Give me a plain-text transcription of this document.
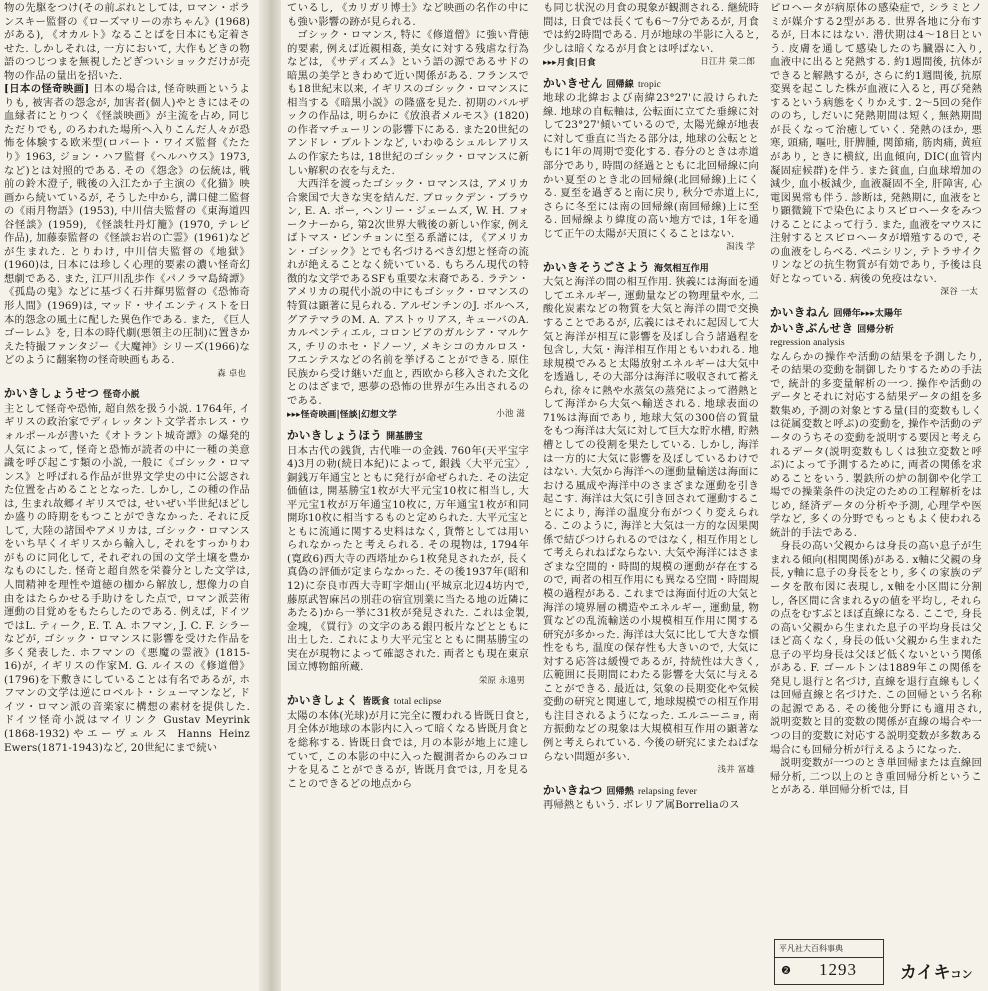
物の先駆をつけ(その前ぶれとしては, ロマン・ポランスキー監督の《ローズマリーの赤ちゃん》(1968)がある), 《オカルト》なることばを日本にも定着させた. しかしそれは, 一方において, 大作もどきの物語のつじつまを無視したどぎついショックだけが売物の作品の量出を招いた.

[日本の怪奇映画] 日本の場合は, 怪奇映画というよりも, 被害者の怨念が, 加害者(個人)やときにはその血縁者にとりつく《怪談映画》が主流を占め, 同じただりでも, のろわれた場所へ入りこんだ人々が恐怖を体験する欧米型(ロバート・ワイズ監督《たたり》1963, ジョン・ハフ監督《ヘルハウス》1973, など)とは対照的である. その《怨念》の伝統は, 戦前の鈴木澄子, 戦後の入江たか子主演の《化猫》映画から続いているが, そうした中から, 溝口健二監督の《雨月物語》(1953), 中川信夫監督の《東海道四谷怪談》(1959), 《怪談牡丹灯籠》(1970, テレビ作品), 加藤泰監督の《怪談お岩の亡霊》(1961)などが生まれた. とりわけ, 中川信夫監督の《地獄》(1960)は, 日本には珍しく心理的要素の濃い怪奇幻想劇である. また, 江戸川乱歩作《パノラマ島綺譚》《孤島の鬼》などに基づく石井輝男監督の《恐怖奇形人間》(1969)は, マッド・サイエンティストを日本的怨念の風土に配した異色作である. また, 《巨人ゴーレム》を, 日本の時代劇(悪領主の圧制)に置きかえた特撮ファンタジー《大魔神》シリーズ(1966)などのように翻案物の怪奇映画もある.

森 卓也

かいきしょうせつ 怪奇小説

主として怪奇や恐怖, 超自然を扱う小説. 1764年, イギリスの政治家でディレッタント文学者ホレス・ウォルポールが書いた《オトラント城奇譚》の爆発的人気によって, 怪奇と恐怖が読者の中に一種の美意識を呼び起こす類の小説, 一般に《ゴシック・ロマンス》と呼ばれる作品が世界文学史の中に公認された位置を占めることとなった. しかし, この種の作品は, 生まれ故郷イギリスでは, せいぜい半世紀ほどしか盛りの時期をもつことができなかった. それに反して, 大陸の諸国やアメリカは, ゴシック・ロマンスをいち早くイギリスから輸入し, それをすっかりわがものに同化して, それぞれの国の文学土壌を豊かなものにした. 怪奇と超自然を栄養分とした文学は, 人間精神を理性や道徳の枷から解放し, 想像力の自由をはたらかせる手助けをした点で, ロマン派芸術運動の目覚めをもたらしたのである. 例えば, ドイツではL. ティーク, E. T. A. ホフマン, J. C. F. シラーなどが, ゴシック・ロマンスに影響を受けた作品を多く発表した. ホフマンの《悪魔の霊液》(1815-16)が, イギリスの作家M. G. ルイスの《修道僧》(1796)を下敷きにしていることは有名であるが, ホフマンの文学は逆にロベルト・シューマンなど, ドイツ・ロマン派の音楽家に構想の素材を提供した. ドイツ怪奇小説はマイリンク Gustav Meyrink (1868-1932)やエーヴェルス Hanns Heinz Ewers(1871-1943)など, 20世紀にまで続い

ているし, 《カリガリ博士》など映画の名作の中にも強い影響の跡が見られる.

ゴシック・ロマンス, 特に《修道僧》に強い背徳的要素, 例えば近親相姦, 美女に対する残虐な行為などは, 《サディズム》という語の源であるサドの暗黒の美学ときわめて近い関係がある. フランスでも18世紀末以来, イギリスのゴシック・ロマンスに相当する《暗黒小説》の隆盛を見た. 初期のバルザックの作品は, 明らかに《放浪者メルモス》(1820)の作者マチューリンの影響下にある. また20世紀のアンドレ・ブルトンなど, いわゆるシュルレアリスムの作家たちは, 18世紀のゴシック・ロマンスに新しい解釈の衣を与えた.

大西洋を渡ったゴシック・ロマンスは, アメリカ合衆国で大きな実を結んだ. ブロックデン・ブラウン, E. A. ポー, ヘンリー・ジェームズ, W. H. フォークナーから, 第2次世界大戦後の新しい作家, 例えばトマス・ピンチョンに至る系譜には, 《アメリカン・ゴシック》とでも名づけるべき幻想と怪奇の流れが絶えることなく続いている. もちろん現代の特徴的な文学であるSFも重要な末裔である. ラテン・アメリカの現代小説の中にもゴシック・ロマンスの特質は顕著に見られる. アルゼンチンのJ. ボルヘス, グアテマラのM. A. アストゥリアス, キューバのA. カルペンティエル, コロンビアのガルシア・マルケス, チリのホセ・ドノーソ, メキシコのカルロス・フエンテスなどの名前を挙げることができる. 原住民族から受け継いだ血と, 西欧から移入された文化とのはざまで, 悪夢の恐怖の世界が生み出されるのである.

▸▸▸怪奇映画|怪談|幻想文学	小池 滋

かいきしょうほう 開基勝宝

日本古代の銭貨, 古代唯一の金銭. 760年(天平宝字4)3月の勅(続日本紀)によって, 銀銭〈大平元宝〉, 銅銭万年通宝とともに発行が命ぜられた. その法定価値は, 開基勝宝1枚が大平元宝10枚に相当し, 大平元宝1枚が万年通宝10枚に, 万年通宝1枚が和同開珎10枚に相当するものと定められた. 大平元宝とともに流通に関する史料はなく, 貨幣としては用いられなかったと考えられる. その現物は, 1794年(寛政6)西大寺の西塔址から1枚発見されたが, 長く真偽の評価が定まらなかった. その後1937年(昭和12)に奈良市西大寺町字畑山(平城京北辺4坊内で, 藤原武智麻呂の別荘の宿宜別業に当たる地の近隣にあたる)から一挙に31枚が発見された. これは金製, 金塊, 《買行》の文字のある銀円板片などとともに出土した. これにより大平元宝とともに開基勝宝の実在が現物によって確認された. 両者とも現在東京国立博物館所蔵.

栄原 永遠男

かいきしょく 皆既食 total eclipse

太陽の本体(光球)が月に完全に覆われる皆既日食と, 月全体が地球の本影内に入って暗くなる皆既月食とを総称する. 皆既日食では, 月の本影が地上に達していて, この本影の中に入った観測者からのみコロナを見ることができるが, 皆既月食では, 月を見ることのできるどの地点から

も同じ状況の月食の現象が観測される. 継続時間は, 日食では長くても6～7分であるが, 月食では約2時間である. 月が地球の半影に入ると, 少しは暗くなるが月食とは呼ばない.

▸▸▸月食|日食	日江井 榮二郎

かいきせん 回帰線 tropic

地球の北緯および南緯23°27'に設けられた線. 地球の自転軸は, 公転面に立てた垂線に対して23°27'傾いているので, 太陽光線が地表に対して垂直に当たる部分は, 地球の公転とともに1年の周期で変化する. 春分のときは赤道部分であり, 時間の経過とともに北回帰線に向かい夏至のとき北の回帰線(北回帰線)上にくる. 夏至を過ぎると南に戻り, 秋分で赤道上に, さらに冬至には南の回帰線(南回帰線)上に至る. 回帰線より緯度の高い地方では, 1年を通じて正午の太陽が天頂にくることはない.

潟浅 学

かいきそうごさよう 海気相互作用

大気と海洋の間の相互作用. 狭義には海面を通してエネルギー, 運動量などの物理量や水, 二酸化炭素などの物質を大気と海洋の間で交換することであるが, 広義にはそれに起因して大気と海洋が相互に影響を及ぼし合う諸過程を包含し, 大気・海洋相互作用ともいわれる. 地球規模でみると太陽放射エネルギーは大気中を透過し, その大部分は海洋に吸収されて蓄えられ, 徐々に熱や水蒸気の蒸発によって潜熱として海洋から大気へ輸送される. 地球表面の71%は海面であり, 地球大気の300倍の質量をもつ海洋は大気に対して巨大な貯水槽, 貯熱槽としての役割を果たしている. しかし, 海洋は一方的に大気に影響を及ぼしているわけではない. 大気から海洋への運動量輸送は海面における風成や海洋中のさまざまな運動を引き起こす. 海洋は大気に引き回されて運動することにより, 海洋の温度分布がつくり変えられる. このように, 海洋と大気は一方的な因果関係で結びつけられるのではなく, 相互作用として考えられねばならない. 大気や海洋にはさまざまな空間的・時間的規模の運動が存在するので, 両者の相互作用にも異なる空間・時間規模の過程がある. これまでは海面付近の大気と海洋の境界層の構造やエネルギー, 運動量, 物質などの乱流輸送の小規模相互作用に関する研究が多かった. 海洋は大気に比して大きな慣性をもち, 温度の保存性も大きいので, 大気に対する応答は緩慢であるが, 持続性は大きく, 広範囲に長期間にわたる影響を大気に与えることができる. 最近は, 気象の長期変化や気候変動の研究と関連して, 地球規模での相互作用も注目されるようになった. エルニーニョ, 南方振動などの現象は大規模相互作用の顕著な例と考えられている. 今後の研究にまたねばならない問題が多い.

浅井 冨雄

かいきねつ 回帰熱 relapsing fever

再帰熱ともいう. ボレリア属Borreliaのス

ピロヘータが病原体の感染症で, シラミとノミが媒介する2型がある. 世界各地に分布するが, 日本にはない. 潜伏期は4～18日という. 皮膚を通して感染したのち臓器に入り, 血液中に出ると発熱する. 約1週間後, 抗体ができると解熱するが, さらに約1週間後, 抗原変異を起こした株が血液に入ると, 再び発熱するという病態をくりかえす. 2～5回の発作ののち, しだいに発熱期間は短く, 無熱期間が長くなって治癒していく. 発熱のほか, 悪寒, 頭痛, 嘔吐, 肝脾腫, 関節痛, 筋肉痛, 黄疸があり, ときに横紋, 出血傾向, DIC(血管内凝固症候群)を伴う. また貧血, 白血球増加の減少, 血小板減少, 血液凝固不全, 肝障害, 心電図異常も伴う. 診断は, 発熱期に, 血液をとり顕微鏡下で染色によりスピロヘータをみつけることによって行う. また, 血液をマウスに注射するとスピロヘータが増殖するので, その血液をしらべる. ペニシリン, テトラサイクリンなどの抗生物質が有効であり, 予後は良好となっている. 病後の免疫はない.

深谷 一太

かいきねん 回帰年▸▸▸太陽年
かいきぶんせき 回帰分析

regression analysis

なんらかの操作や活動の結果を予測したり, その結果の変動を制御したりするための手法で, 統計的多変量解析の一つ. 操作や活動のデータとそれに対応する結果データの組を多数集め, 予測の対象とする量(目的変数もしくは従属変数と呼ぶ)の変動を, 操作や活動のデータのうちその変動を説明する要因と考えられるデータ(説明変数もしくは独立変数と呼ぶ)によって予測するために, 両者の関係を求めることをいう. 製鉄所の炉の制御や化学工場での操業条件の決定のための工程解析をはじめ, 経済データの分析や予測, 心理学や医学など, 多くの分野でもっともよく使われる統計的手法である.

身長の高い父親からは身長の高い息子が生まれる傾向(相関関係)がある. x軸に父親の身長, y軸に息子の身長をとり, 多くの家族のデータを散布図に表現し, x軸を小区間に分割し, 各区間に含まれるyの値を平均し, それらの点をむすぶとほぼ直線になる. ここで, 身長の高い父親から生まれた息子の平均身長は父ほど高くなく, 身長の低い父親から生まれた息子の平均身長は父ほど低くないという関係がある. F. ゴールトンは1889年この関係を発見し退行と名づけ, 直線を退行直線もしくは回帰直線と名づけた. この回帰という名称の起源である. その後他分野にも適用され, 説明変数と目的変数の関係が直線の場合や一つの目的変数に対応する説明変数が多数ある場合にも回帰分析が行えるようになった.

説明変数が一つのとき単回帰または直線回帰分析, 二つ以上のとき重回帰分析ということがある. 単回帰分析では, 目

平凡社大百科事典
❷ 1293	カイキコン
